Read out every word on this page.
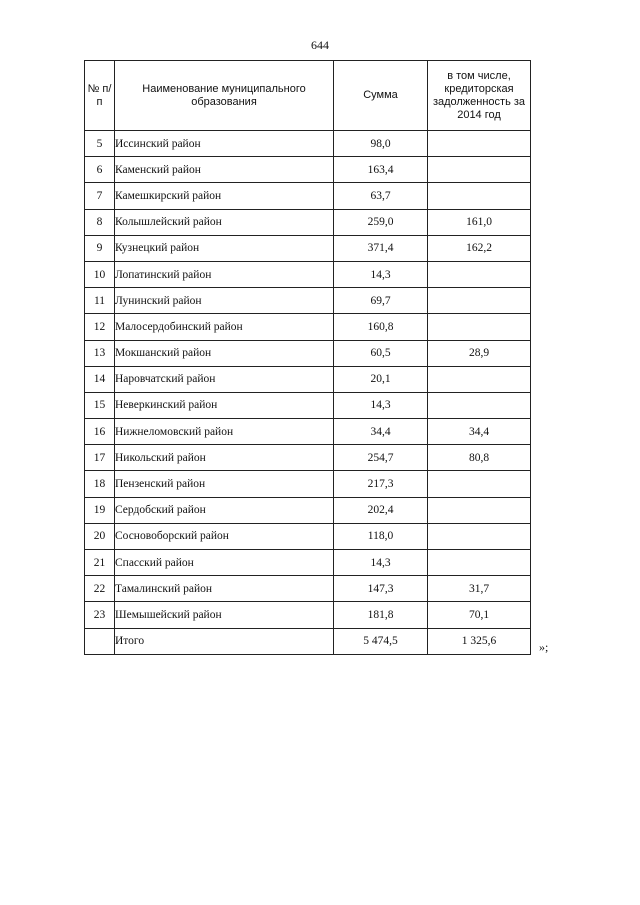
644
№ п/п	Наименование муниципального образования	Сумма	в том числе, кредиторская задолженность за 2014 год
5	Иссинский район	98,0	
6	Каменский район	163,4	
7	Камешкирский район	63,7	
8	Колышлейский район	259,0	161,0
9	Кузнецкий район	371,4	162,2
10	Лопатинский район	14,3	
11	Лунинский район	69,7	
12	Малосердобинский район	160,8	
13	Мокшанский район	60,5	28,9
14	Наровчатский район	20,1	
15	Неверкинский район	14,3	
16	Нижнеломовский район	34,4	34,4
17	Никольский район	254,7	80,8
18	Пензенский район	217,3	
19	Сердобский район	202,4	
20	Сосновоборский район	118,0	
21	Спасский район	14,3	
22	Тамалинский район	147,3	31,7
23	Шемышейский район	181,8	70,1
	Итого	5 474,5	1 325,6	»;
